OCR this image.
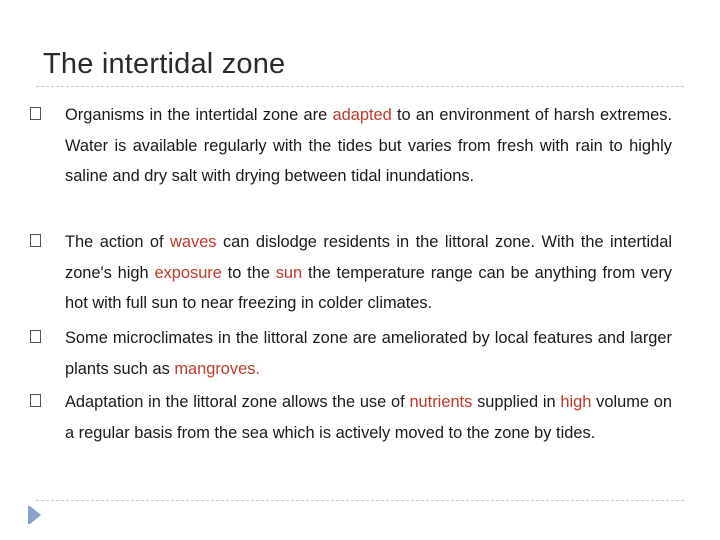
The intertidal zone
Organisms in the intertidal zone are adapted to an environment of harsh extremes. Water is available regularly with the tides but varies from fresh with rain to highly saline and dry salt with drying between tidal inundations.
The action of waves can dislodge residents in the littoral zone. With the intertidal zone's high exposure to the sun the temperature range can be anything from very hot with full sun to near freezing in colder climates.
Some microclimates in the littoral zone are ameliorated by local features and larger plants such as mangroves.
Adaptation in the littoral zone allows the use of nutrients supplied in high volume on a regular basis from the sea which is actively moved to the zone by tides.
